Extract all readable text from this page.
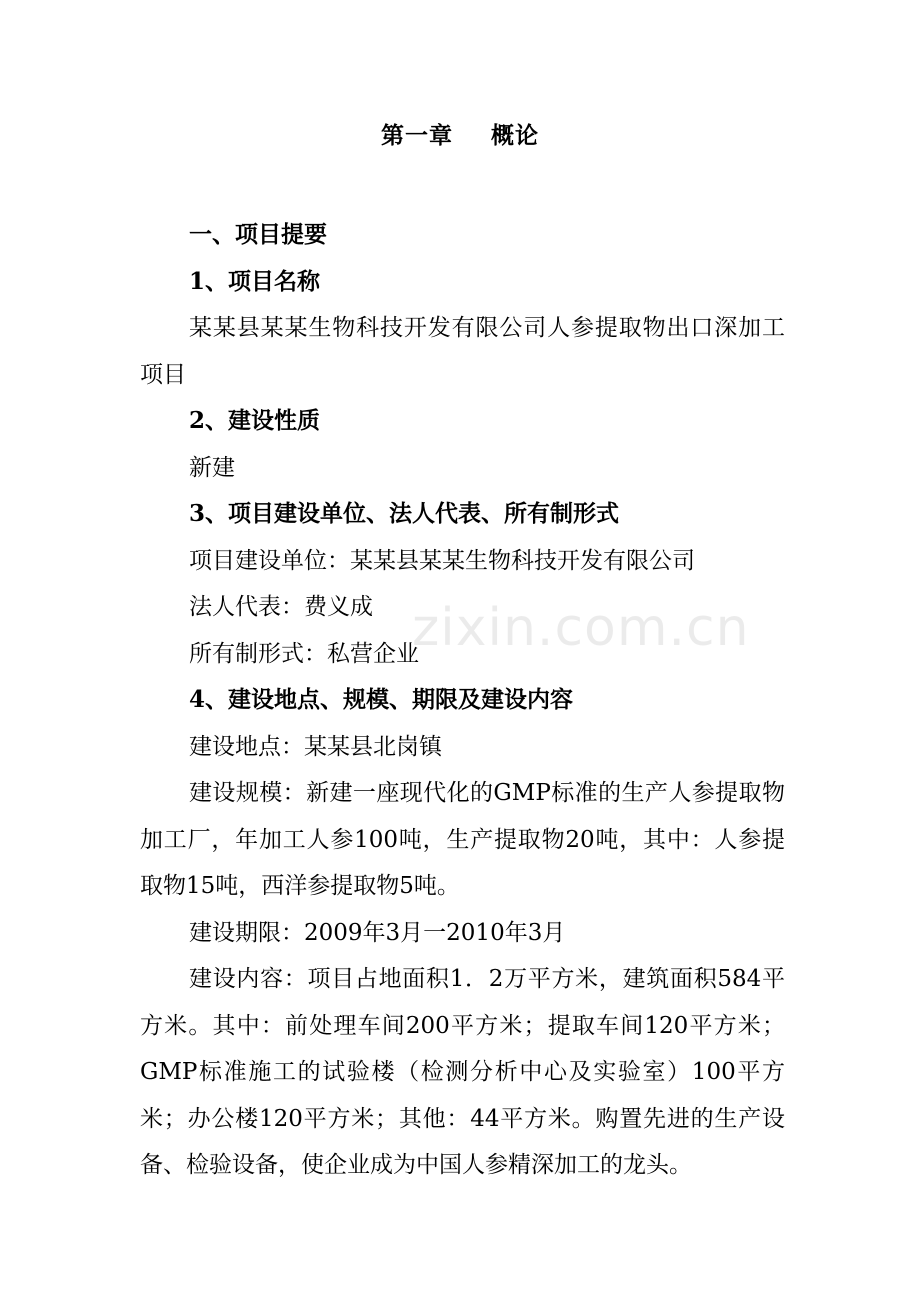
第一章 概论

一、项目提要

1、项目名称

某某县某某生物科技开发有限公司人参提取物出口深加工项目

2、建设性质

新建

3、项目建设单位、法人代表、所有制形式

项目建设单位：某某县某某生物科技开发有限公司

法人代表：费义成

所有制形式：私营企业

4、建设地点、规模、期限及建设内容

建设地点：某某县北岗镇

建设规模：新建一座现代化的GMP标准的生产人参提取物加工厂，年加工人参100吨，生产提取物20吨，其中：人参提取物15吨，西洋参提取物5吨。

建设期限：2009年3月一2010年3月

建设内容：项目占地面积1．2万平方米，建筑面积584平方米。其中：前处理车间200平方米；提取车间120平方米；GMP标准施工的试验楼（检测分析中心及实验室）100平方米；办公楼120平方米；其他：44平方米。购置先进的生产设备、检验设备，使企业成为中国人参精深加工的龙头。

zixin.com.cn
